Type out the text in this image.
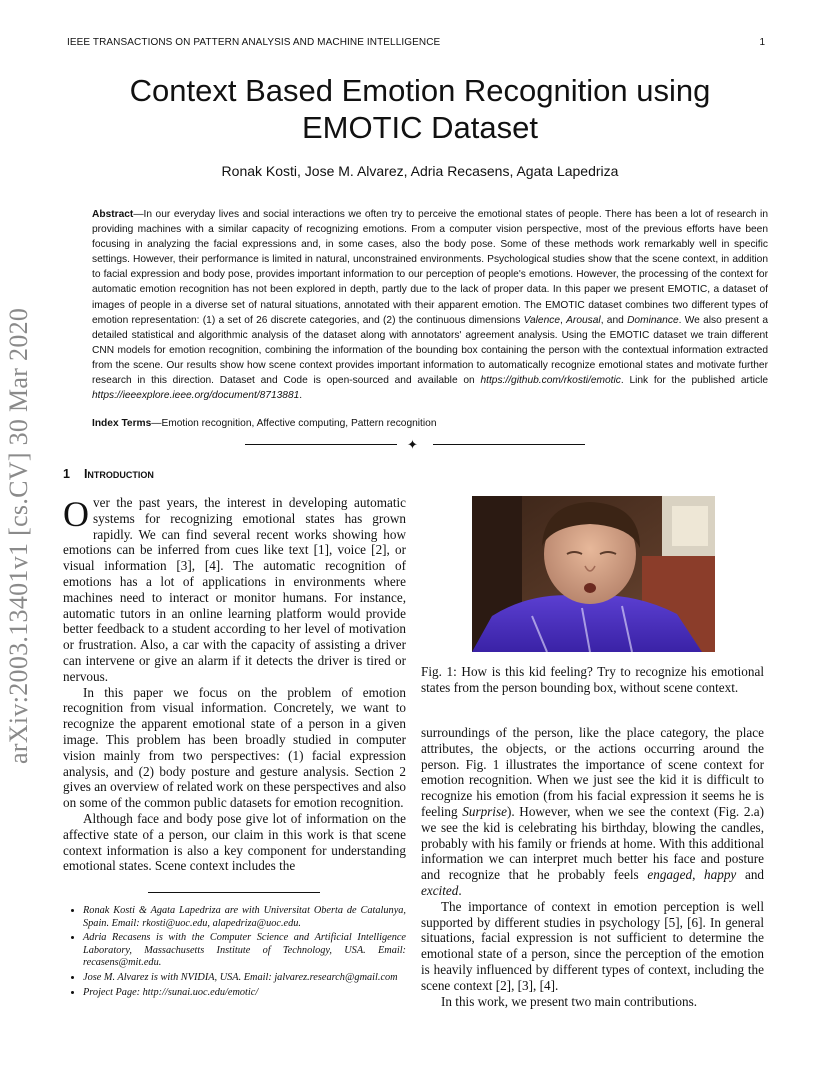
IEEE TRANSACTIONS ON PATTERN ANALYSIS AND MACHINE INTELLIGENCE	1
arXiv:2003.13401v1 [cs.CV] 30 Mar 2020
Context Based Emotion Recognition using EMOTIC Dataset
Ronak Kosti, Jose M. Alvarez, Adria Recasens, Agata Lapedriza
Abstract—In our everyday lives and social interactions we often try to perceive the emotional states of people. There has been a lot of research in providing machines with a similar capacity of recognizing emotions. From a computer vision perspective, most of the previous efforts have been focusing in analyzing the facial expressions and, in some cases, also the body pose. Some of these methods work remarkably well in specific settings. However, their performance is limited in natural, unconstrained environments. Psychological studies show that the scene context, in addition to facial expression and body pose, provides important information to our perception of people's emotions. However, the processing of the context for automatic emotion recognition has not been explored in depth, partly due to the lack of proper data. In this paper we present EMOTIC, a dataset of images of people in a diverse set of natural situations, annotated with their apparent emotion. The EMOTIC dataset combines two different types of emotion representation: (1) a set of 26 discrete categories, and (2) the continuous dimensions Valence, Arousal, and Dominance. We also present a detailed statistical and algorithmic analysis of the dataset along with annotators' agreement analysis. Using the EMOTIC dataset we train different CNN models for emotion recognition, combining the information of the bounding box containing the person with the contextual information extracted from the scene. Our results show how scene context provides important information to automatically recognize emotional states and motivate further research in this direction. Dataset and Code is open-sourced and available on https://github.com/rkosti/emotic. Link for the published article https://ieeexplore.ieee.org/document/8713881.
Index Terms—Emotion recognition, Affective computing, Pattern recognition
✦
1 Introduction

Over the past years, the interest in developing automatic systems for recognizing emotional states has grown rapidly. We can find several recent works showing how emotions can be inferred from cues like text [1], voice [2], or visual information [3], [4]. The automatic recognition of emotions has a lot of applications in environments where machines need to interact or monitor humans. For instance, automatic tutors in an online learning platform would provide better feedback to a student according to her level of motivation or frustration. Also, a car with the capacity of assisting a driver can intervene or give an alarm if it detects the driver is tired or nervous.

In this paper we focus on the problem of emotion recognition from visual information. Concretely, we want to recognize the apparent emotional state of a person in a given image. This problem has been broadly studied in computer vision mainly from two perspectives: (1) facial expression analysis, and (2) body posture and gesture analysis. Section 2 gives an overview of related work on these perspectives and also on some of the common public datasets for emotion recognition.

Although face and body pose give lot of information on the affective state of a person, our claim in this work is that scene context information is also a key component for understanding emotional states. Scene context includes the

• Ronak Kosti & Agata Lapedriza are with Universitat Oberta de Catalunya, Spain. Email: rkosti@uoc.edu, alapedriza@uoc.edu.
• Adria Recasens is with the Computer Science and Artificial Intelligence Laboratory, Massachusetts Institute of Technology, USA. Email: recasens@mit.edu.
• Jose M. Alvarez is with NVIDIA, USA. Email: jalvarez.research@gmail.com
• Project Page: http://sunai.uoc.edu/emotic/
Fig. 1: How is this kid feeling? Try to recognize his emotional states from the person bounding box, without scene context.

surroundings of the person, like the place category, the place attributes, the objects, or the actions occurring around the person. Fig. 1 illustrates the importance of scene context for emotion recognition. When we just see the kid it is difficult to recognize his emotion (from his facial expression it seems he is feeling Surprise). However, when we see the context (Fig. 2.a) we see the kid is celebrating his birthday, blowing the candles, probably with his family or friends at home. With this additional information we can interpret much better his face and posture and recognize that he probably feels engaged, happy and excited.

The importance of context in emotion perception is well supported by different studies in psychology [5], [6]. In general situations, facial expression is not sufficient to determine the emotional state of a person, since the perception of the emotion is heavily influenced by different types of context, including the scene context [2], [3], [4].

In this work, we present two main contributions.
